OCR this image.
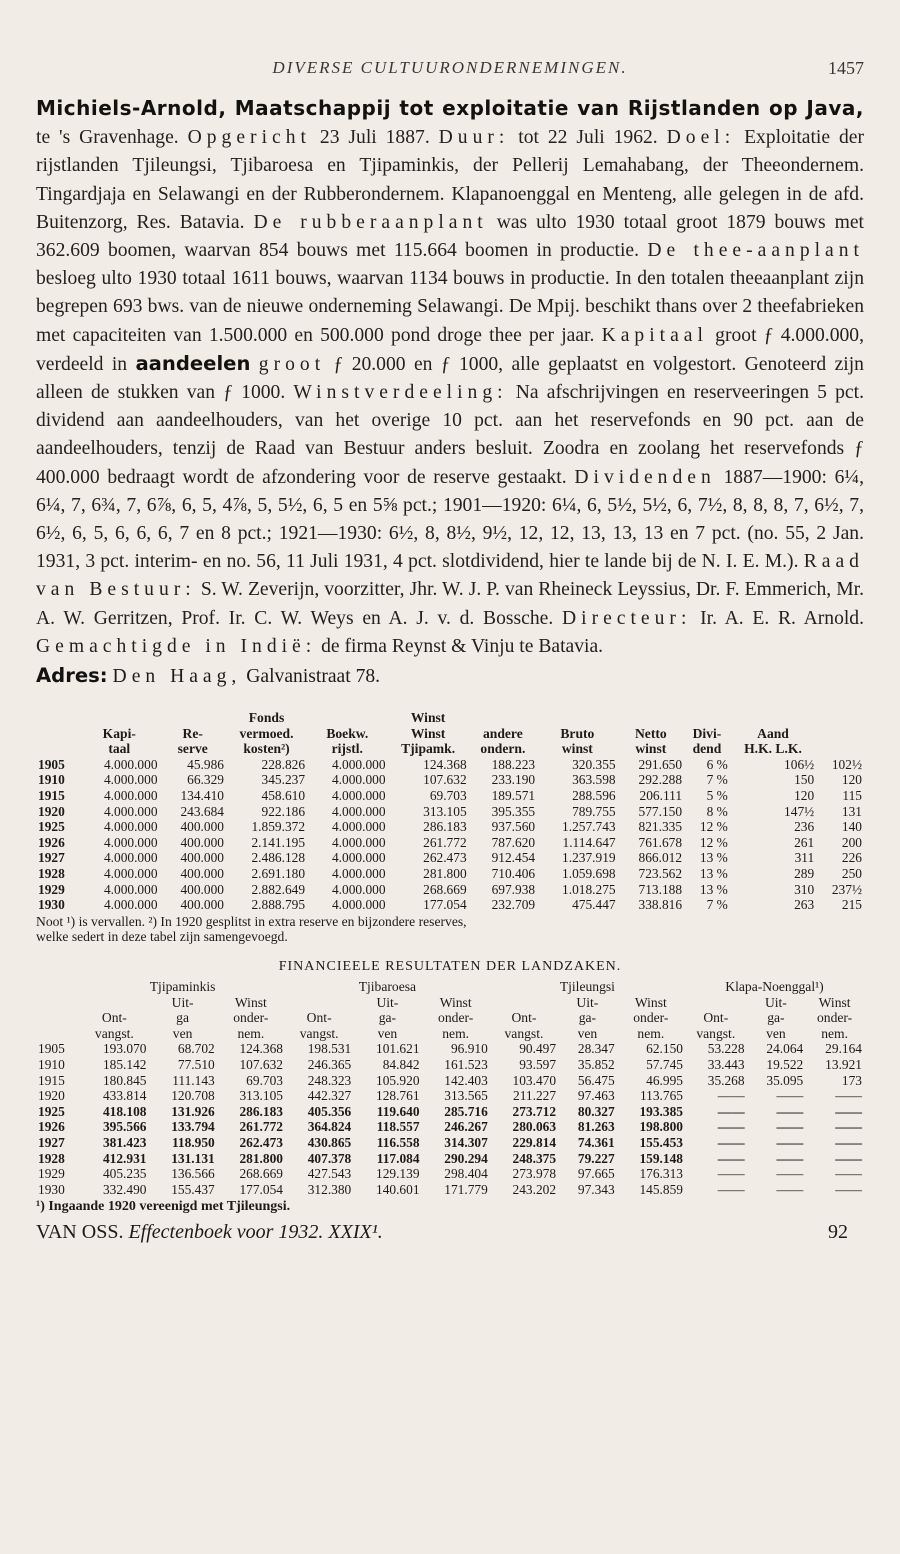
DIVERSE CULTUURONDERNEMINGEN.	1457
Michiels-Arnold, Maatschappij tot exploitatie van Rijstlanden op Java, te 's Gravenhage. Opgericht 23 Juli 1887. Duur: tot 22 Juli 1962. Doel: Exploitatie der rijstlanden Tjileungsi, Tjibaroesa en Tjipaminkis, der Pellerij Lemahabang, der Theeondernem. Tingardjaja en Selawangi en der Rubberondernem. Klapanoenggal en Menteng, alle gelegen in de afd. Buitenzorg, Res. Batavia. De rubberaanplant was ulto 1930 totaal groot 1879 bouws met 362.609 boomen, waarvan 854 bouws met 115.664 boomen in productie. De thee-aanplant besloeg ulto 1930 totaal 1611 bouws, waarvan 1134 bouws in productie. In den totalen theeaanplant zijn begrepen 693 bws. van de nieuwe onderneming Selawangi. De Mpij. beschikt thans over 2 theefabrieken met capaciteiten van 1.500.000 en 500.000 pond droge thee per jaar. Kapitaal groot ƒ 4.000.000, verdeeld in aandeelen groot ƒ 20.000 en ƒ 1000, alle geplaatst en volgestort. Genoteerd zijn alleen de stukken van ƒ 1000. Winstverdeeling: Na afschrijvingen en reserveeringen 5 pct. dividend aan aandeelhouders, van het overige 10 pct. aan het reservefonds en 90 pct. aan de aandeelhouders, tenzij de Raad van Bestuur anders besluit. Zoodra en zoolang het reservefonds ƒ 400.000 bedraagt wordt de afzondering voor de reserve gestaakt. Dividenden 1887—1900: 6¼, 6¼, 7, 6¾, 7, 6⅞, 6, 5, 4⅞, 5, 5½, 6, 5 en 5⅝ pct.; 1901—1920: 6¼, 6, 5½, 5½, 6, 7½, 8, 8, 8, 7, 6½, 7, 6½, 6, 5, 6, 6, 6, 7 en 8 pct.; 1921—1930: 6½, 8, 8½, 9½, 12, 12, 13, 13, 13 en 7 pct. (no. 55, 2 Jan. 1931, 3 pct. interim- en no. 56, 11 Juli 1931, 4 pct. slotdividend, hier te lande bij de N. I. E. M.). Raad van Bestuur: S. W. Zeverijn, voorzitter, Jhr. W. J. P. van Rheineck Leyssius, Dr. F. Emmerich, Mr. A. W. Gerritzen, Prof. Ir. C. W. Weys en A. J. v. d. Bossche. Directeur: Ir. A. E. R. Arnold. Gemachtigde in Indië: de firma Reynst & Vinju te Batavia.
Adres: Den Haag, Galvanistraat 78.
			Fonds		Winst						
	Kapi-	Re-	vermoed.	Boekw.	Winst	andere	Bruto	Netto	Divi-	Aand	
	taal	serve	kosten²)	rijstl.	Tjipamk.	ondern.	winst	winst	dend	H.K. L.K.	
1905	4.000.000	45.986	228.826	4.000.000	124.368	188.223	320.355	291.650	6 %	106½	102½
1910	4.000.000	66.329	345.237	4.000.000	107.632	233.190	363.598	292.288	7 %	150	120
1915	4.000.000	134.410	458.610	4.000.000	69.703	189.571	288.596	206.111	5 %	120	115
1920	4.000.000	243.684	922.186	4.000.000	313.105	395.355	789.755	577.150	8 %	147½	131
1925	4.000.000	400.000	1.859.372	4.000.000	286.183	937.560	1.257.743	821.335	12 %	236	140
1926	4.000.000	400.000	2.141.195	4.000.000	261.772	787.620	1.114.647	761.678	12 %	261	200
1927	4.000.000	400.000	2.486.128	4.000.000	262.473	912.454	1.237.919	866.012	13 %	311	226
1928	4.000.000	400.000	2.691.180	4.000.000	281.800	710.406	1.059.698	723.562	13 %	289	250
1929	4.000.000	400.000	2.882.649	4.000.000	268.669	697.938	1.018.275	713.188	13 %	310	237½
1930	4.000.000	400.000	2.888.795	4.000.000	177.054	232.709	475.447	338.816	7 %	263	215
Noot ¹) is vervallen. ²) In 1920 gesplitst in extra reserve en bijzondere reserves,
welke sedert in deze tabel zijn samengevoegd.
FINANCIEELE RESULTATEN DER LANDZAKEN.
	Tjipaminkis			Tjibaroesa			Tjileungsi			Klapa-Noenggal¹)		
		Uit-	Winst		Uit-	Winst		Uit-	Winst		Uit-	Winst
	Ont-	ga	onder-	Ont-	ga-	onder-	Ont-	ga-	onder-	Ont-	ga-	onder-
	vangst.	ven	nem.	vangst.	ven	nem.	vangst.	ven	nem.	vangst.	ven	nem.
1905	193.070	68.702	124.368	198.531	101.621	96.910	90.497	28.347	62.150	53.228	24.064	29.164
1910	185.142	77.510	107.632	246.365	84.842	161.523	93.597	35.852	57.745	33.443	19.522	13.921
1915	180.845	111.143	69.703	248.323	105.920	142.403	103.470	56.475	46.995	35.268	35.095	173
1920	433.814	120.708	313.105	442.327	128.761	313.565	211.227	97.463	113.765	——	——	——
1925	418.108	131.926	286.183	405.356	119.640	285.716	273.712	80.327	193.385	——	——	——
1926	395.566	133.794	261.772	364.824	118.557	246.267	280.063	81.263	198.800	——	——	——
1927	381.423	118.950	262.473	430.865	116.558	314.307	229.814	74.361	155.453	——	——	——
1928	412.931	131.131	281.800	407.378	117.084	290.294	248.375	79.227	159.148	——	——	——
1929	405.235	136.566	268.669	427.543	129.139	298.404	273.978	97.665	176.313	——	——	——
1930	332.490	155.437	177.054	312.380	140.601	171.779	243.202	97.343	145.859	——	——	——
¹) Ingaande 1920 vereenigd met Tjileungsi.
VAN OSS. Effectenboek voor 1932. XXIX¹.	92
